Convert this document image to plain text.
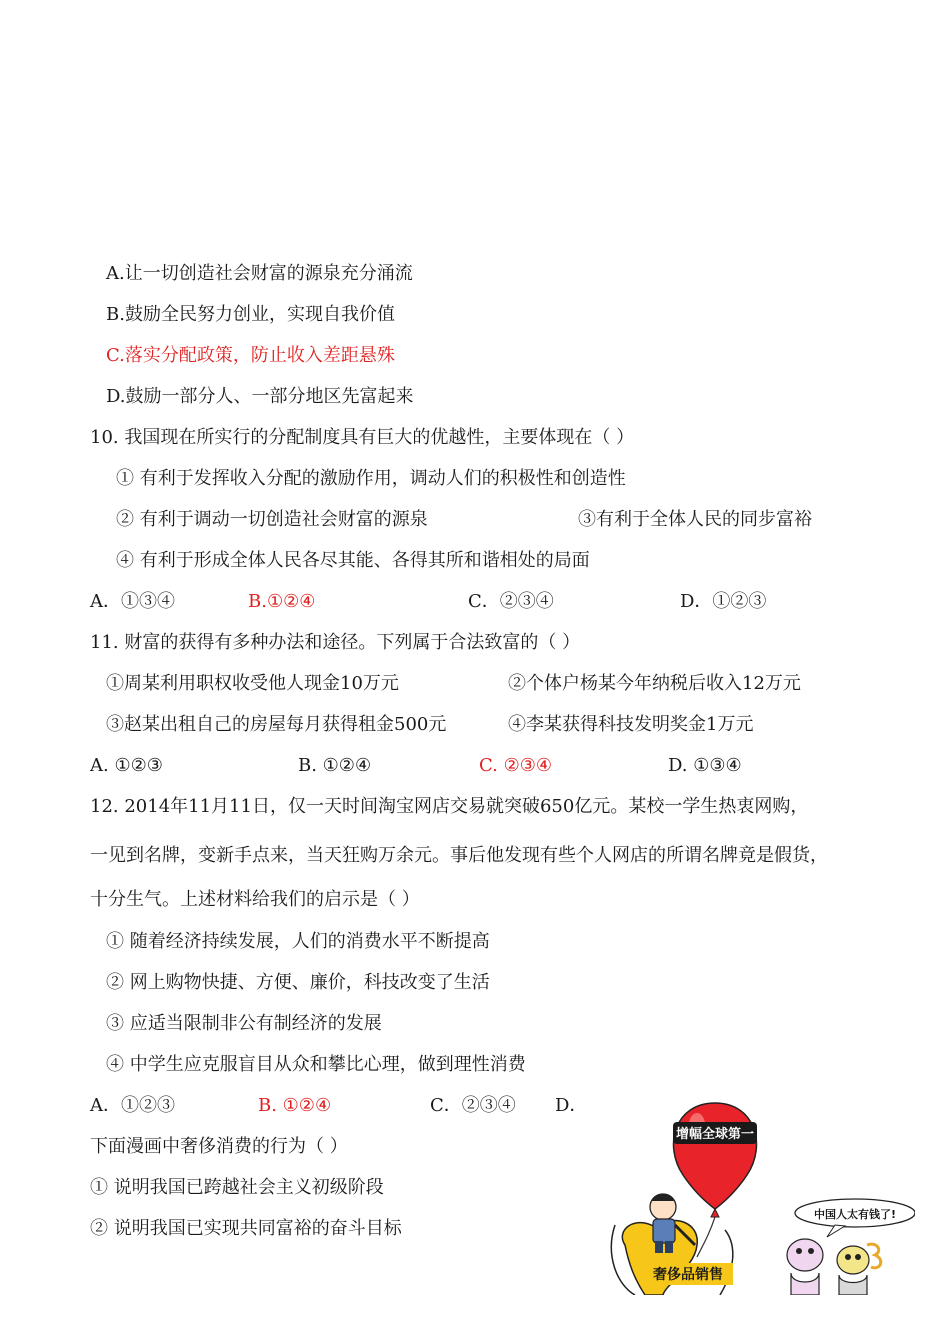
A.让一切创造社会财富的源泉充分涌流
B.鼓励全民努力创业，实现自我价值
C.落实分配政策，防止收入差距悬殊
D.鼓励一部分人、一部分地区先富起来
10. 我国现在所实行的分配制度具有巨大的优越性，主要体现在（ ）
① 有利于发挥收入分配的激励作用，调动人们的积极性和创造性
② 有利于调动一切创造社会财富的源泉	③有利于全体人民的同步富裕
④ 有利于形成全体人民各尽其能、各得其所和谐相处的局面
A．①③④	B.①②④	C．②③④	D．①②③
11. 财富的获得有多种办法和途径。下列属于合法致富的（ ）
①周某利用职权收受他人现金10万元	②个体户杨某今年纳税后收入12万元
③赵某出租自己的房屋每月获得租金500元	④李某获得科技发明奖金1万元
A. ①②③	B. ①②④	C. ②③④	D. ①③④
12. 2014年11月11日，仅一天时间淘宝网店交易就突破650亿元。某校一学生热衷网购，
一见到名牌，变新手点来，当天狂购万余元。事后他发现有些个人网店的所谓名牌竟是假货，
十分生气。上述材料给我们的启示是（ ）
① 随着经济持续发展，人们的消费水平不断提高
② 网上购物快捷、方便、廉价，科技改变了生活
③ 应适当限制非公有制经济的发展
④ 中学生应克服盲目从众和攀比心理，做到理性消费
A．①②③	B. ①②④	C．②③④ D．
下面漫画中奢侈消费的行为（ ）
① 说明我国已跨越社会主义初级阶段
② 说明我国已实现共同富裕的奋斗目标
增幅全球第一
奢侈品销售
中国人太有钱了!
